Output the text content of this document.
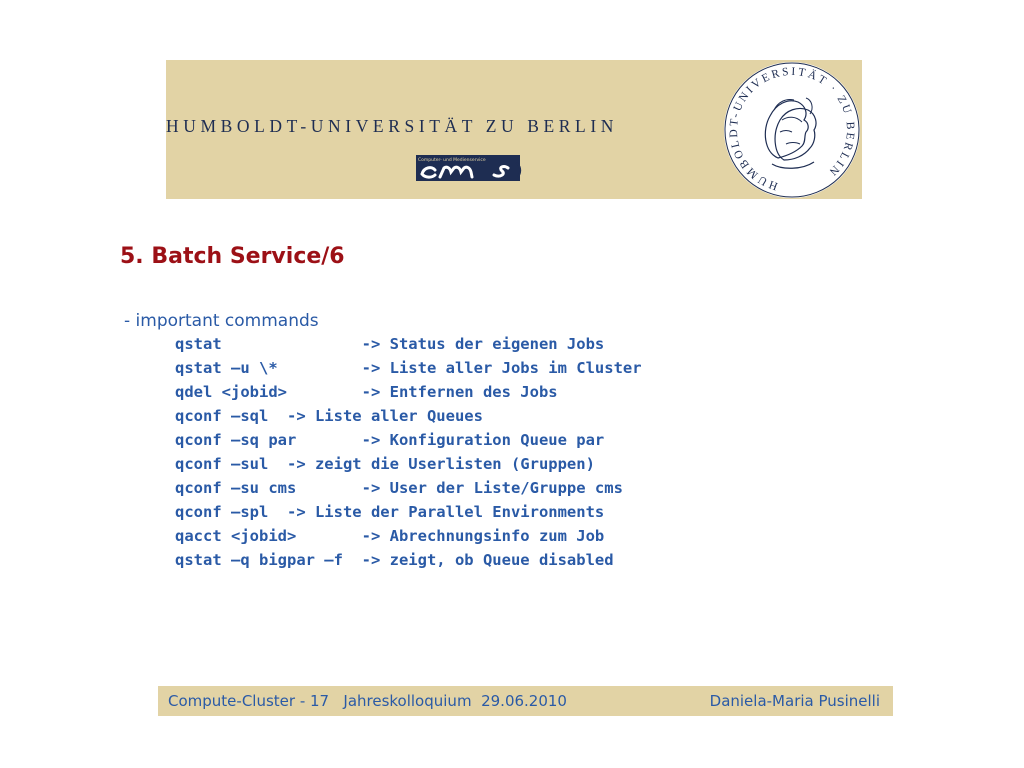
HUMBOLDT-UNIVERSITÄT ZU BERLIN
Computer- und Medienservice
HUMBOLDT-UNIVERSITÄT · ZU BERLIN
5. Batch Service/6
- important commands
qstat               -> Status der eigenen Jobs
qstat –u \*         -> Liste aller Jobs im Cluster
qdel <jobid>        -> Entfernen des Jobs
qconf –sql  -> Liste aller Queues
qconf –sq par       -> Konfiguration Queue par
qconf –sul  -> zeigt die Userlisten (Gruppen)
qconf –su cms       -> User der Liste/Gruppe cms
qconf –spl  -> Liste der Parallel Environments
qacct <jobid>       -> Abrechnungsinfo zum Job
qstat –q bigpar –f  -> zeigt, ob Queue disabled
Compute-Cluster - 17   Jahreskolloquium  29.06.2010	Daniela-Maria Pusinelli
